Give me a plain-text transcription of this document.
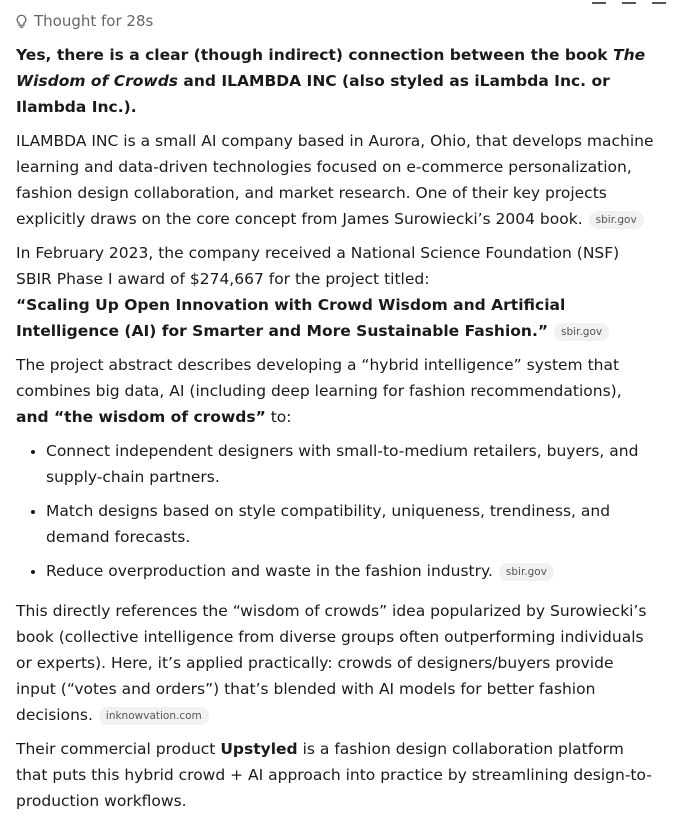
Thought for 28s

Yes, there is a clear (though indirect) connection between the book The Wisdom of Crowds and ILAMBDA INC (also styled as iLambda Inc. or Ilambda Inc.).

ILAMBDA INC is a small AI company based in Aurora, Ohio, that develops machine learning and data-driven technologies focused on e-commerce personalization, fashion design collaboration, and market research. One of their key projects explicitly draws on the core concept from James Surowiecki’s 2004 book. sbir.gov

In February 2023, the company received a National Science Foundation (NSF) SBIR Phase I award of $274,667 for the project titled:
“Scaling Up Open Innovation with Crowd Wisdom and Artificial Intelligence (AI) for Smarter and More Sustainable Fashion.” sbir.gov

The project abstract describes developing a “hybrid intelligence” system that combines big data, AI (including deep learning for fashion recommendations), and “the wisdom of crowds” to:

• Connect independent designers with small-to-medium retailers, buyers, and supply-chain partners.
• Match designs based on style compatibility, uniqueness, trendiness, and demand forecasts.
• Reduce overproduction and waste in the fashion industry. sbir.gov

This directly references the “wisdom of crowds” idea popularized by Surowiecki’s book (collective intelligence from diverse groups often outperforming individuals or experts). Here, it’s applied practically: crowds of designers/buyers provide input (“votes and orders”) that’s blended with AI models for better fashion decisions. inknowvation.com

Their commercial product Upstyled is a fashion design collaboration platform that puts this hybrid crowd + AI approach into practice by streamlining design-to-production workflows.
